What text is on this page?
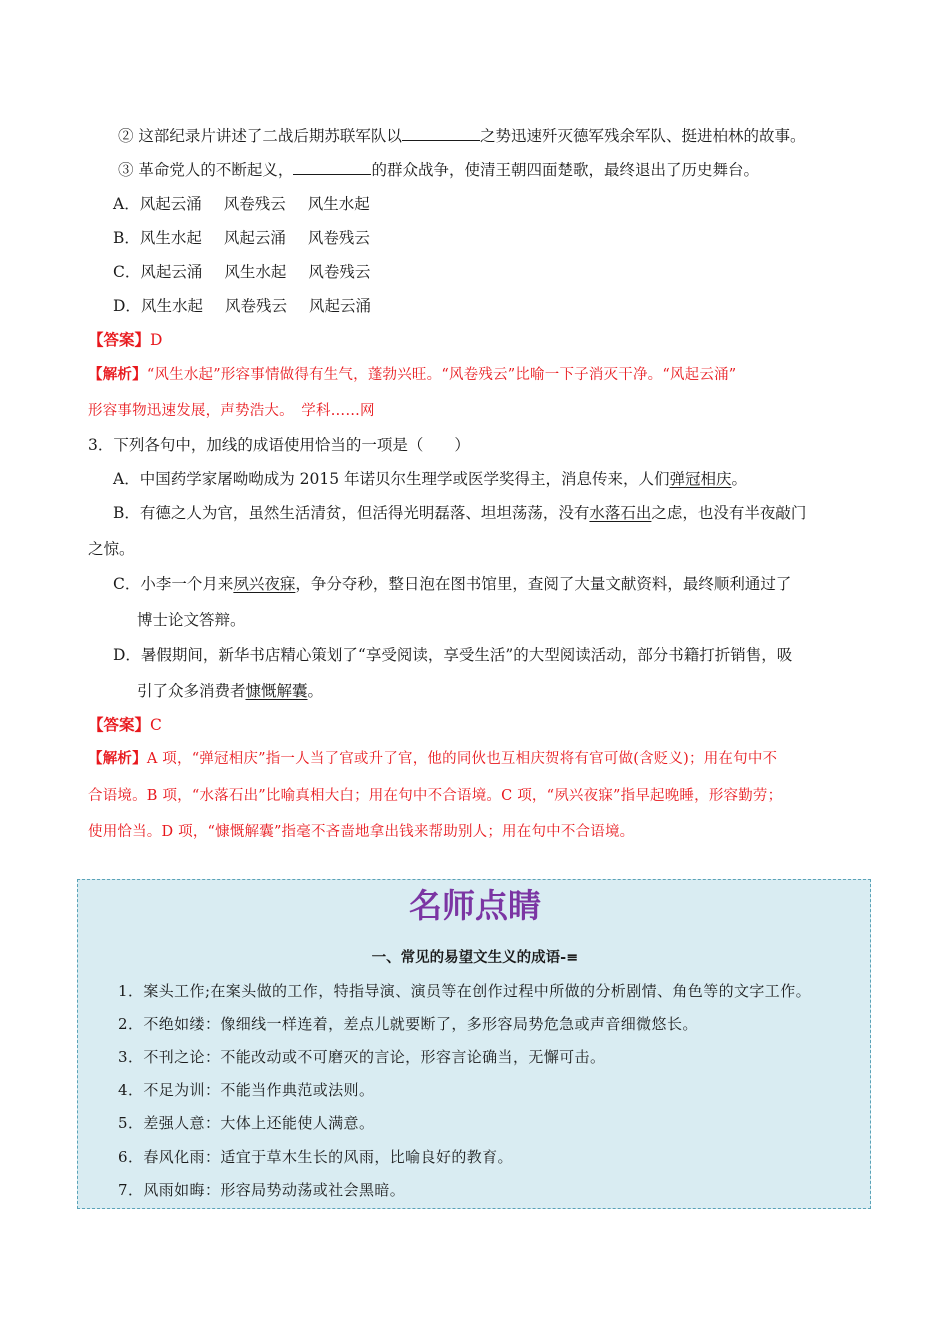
② 这部纪录片讲述了二战后期苏联军队以	之势迅速歼灭德军残余军队、挺进柏林的故事。
③ 革命党人的不断起义，	的群众战争，使清王朝四面楚歌，最终退出了历史舞台。
A．风起云涌 风卷残云 风生水起
B．风生水起 风起云涌 风卷残云
C．风起云涌 风生水起 风卷残云
D．风生水起 风卷残云 风起云涌
【答案】D
【解析】“风生水起”形容事情做得有生气，蓬勃兴旺。“风卷残云”比喻一下子消灭干净。“风起云涌”
形容事物迅速发展，声势浩大。　学科……网
3．下列各句中，加线的成语使用恰当的一项是（　　）
A．中国药学家屠呦呦成为 2015 年诺贝尔生理学或医学奖得主，消息传来，人们弹冠相庆。
B．有德之人为官，虽然生活清贫，但活得光明磊落、坦坦荡荡，没有水落石出之虑，也没有半夜敲门
之惊。
C．小李一个月来夙兴夜寐，争分夺秒，整日泡在图书馆里，查阅了大量文献资料，最终顺利通过了
博士论文答辩。
D．暑假期间，新华书店精心策划了“享受阅读，享受生活”的大型阅读活动，部分书籍打折销售，吸
引了众多消费者慷慨解囊。
【答案】C
【解析】A 项，“弹冠相庆”指一人当了官或升了官，他的同伙也互相庆贺将有官可做(含贬义)；用在句中不
合语境。B 项，“水落石出”比喻真相大白；用在句中不合语境。C 项，“夙兴夜寐”指早起晚睡，形容勤劳；
使用恰当。D 项，“慷慨解囊”指毫不吝啬地拿出钱来帮助别人；用在句中不合语境。
名师点睛
一、常见的易望文生义的成语-≡
1．案头工作;在案头做的工作，特指导演、演员等在创作过程中所做的分析剧情、角色等的文字工作。
2．不绝如缕：像细线一样连着，差点儿就要断了，多形容局势危急或声音细微悠长。
3．不刊之论：不能改动或不可磨灭的言论，形容言论确当，无懈可击。
4．不足为训：不能当作典范或法则。
5．差强人意：大体上还能使人满意。
6．春风化雨：适宜于草木生长的风雨，比喻良好的教育。
7．风雨如晦：形容局势动荡或社会黑暗。
